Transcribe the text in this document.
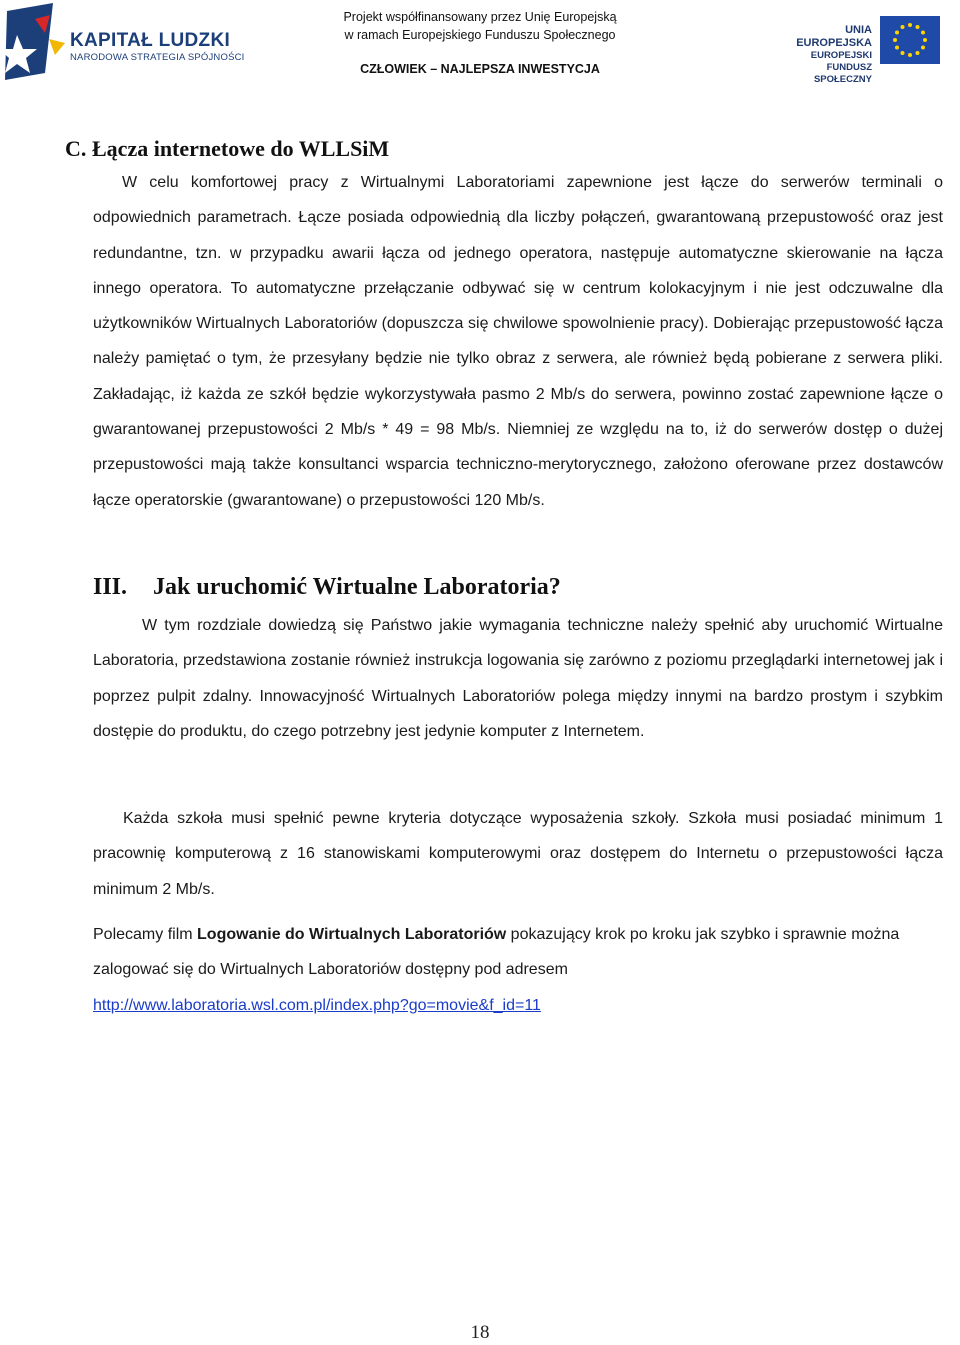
KAPITAŁ LUDZKI
NARODOWA STRATEGIA SPÓJNOŚCI
Projekt współfinansowany przez Unię Europejską
w ramach Europejskiego Funduszu Społecznego
CZŁOWIEK – NAJLEPSZA INWESTYCJA
UNIA EUROPEJSKA
EUROPEJSKI
FUNDUSZ SPOŁECZNY
C. Łącza internetowe do WLLSiM

W celu komfortowej pracy z Wirtualnymi Laboratoriami zapewnione jest łącze do serwerów terminali o odpowiednich parametrach. Łącze posiada odpowiednią dla liczby połączeń, gwarantowaną przepustowość oraz jest redundantne, tzn. w przypadku awarii łącza od jednego operatora, następuje automatyczne skierowanie na łącza innego operatora. To automatyczne przełączanie odbywać się w centrum kolokacyjnym i nie jest odczuwalne dla użytkowników Wirtualnych Laboratoriów (dopuszcza się chwilowe spowolnienie pracy). Dobierając przepustowość łącza należy pamiętać o tym, że przesyłany będzie nie tylko obraz z serwera, ale również będą pobierane z serwera pliki. Zakładając, iż każda ze szkół będzie wykorzystywała pasmo 2 Mb/s do serwera, powinno zostać zapewnione łącze o gwarantowanej przepustowości 2 Mb/s * 49 = 98 Mb/s. Niemniej ze względu na to, iż do serwerów dostęp o dużej przepustowości mają także konsultanci wsparcia techniczno-merytorycznego, założono oferowane przez dostawców łącze operatorskie (gwarantowane) o przepustowości 120 Mb/s.

III. Jak uruchomić Wirtualne Laboratoria?

W tym rozdziale dowiedzą się Państwo jakie wymagania techniczne należy spełnić aby uruchomić Wirtualne Laboratoria, przedstawiona zostanie również instrukcja logowania się zarówno z poziomu przeglądarki internetowej jak i poprzez pulpit zdalny. Innowacyjność Wirtualnych Laboratoriów polega między innymi na bardzo prostym i szybkim dostępie do produktu, do czego potrzebny jest jedynie komputer z Internetem.

Każda szkoła musi spełnić pewne kryteria dotyczące wyposażenia szkoły. Szkoła musi posiadać minimum 1 pracownię komputerową z 16 stanowiskami komputerowymi oraz dostępem do Internetu o przepustowości łącza minimum 2 Mb/s.

Polecamy film Logowanie do Wirtualnych Laboratoriów pokazujący krok po kroku jak szybko i sprawnie można zalogować się do Wirtualnych Laboratoriów dostępny pod adresem

http://www.laboratoria.wsl.com.pl/index.php?go=movie&f_id=11

18
